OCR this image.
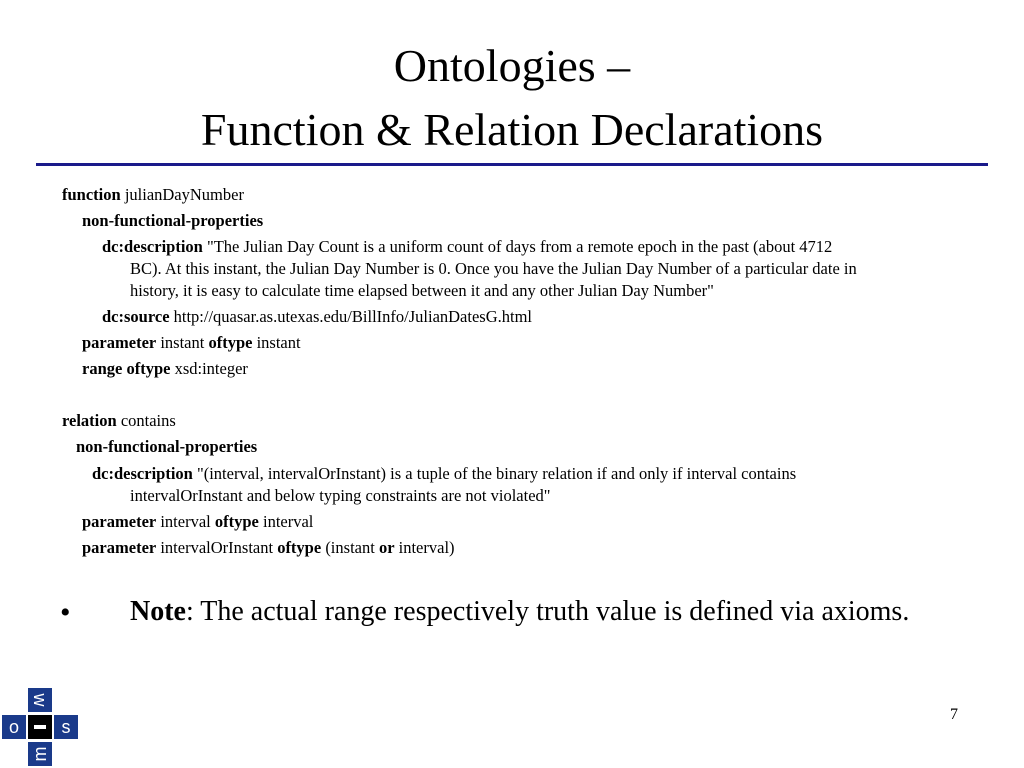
Ontologies –
Function & Relation Declarations
function julianDayNumber
non-functional-properties
dc:description "The Julian Day Count is a uniform count of days from a remote epoch in the past (about 4712
BC). At this instant, the Julian Day Number is 0. Once you have the Julian Day Number of a particular date in
history, it is easy to calculate time elapsed between it and any other Julian Day Number"
dc:source http://quasar.as.utexas.edu/BillInfo/JulianDatesG.html
parameter instant oftype instant
range oftype xsd:integer
relation contains
non-functional-properties
dc:description "(interval, intervalOrInstant) is a tuple of the binary relation if and only if interval contains
intervalOrInstant and below typing constraints are not violated"
parameter interval oftype interval
parameter intervalOrInstant oftype (instant or interval)
• Note: The actual range respectively truth value is defined via axioms.
7
w
s
m
o
